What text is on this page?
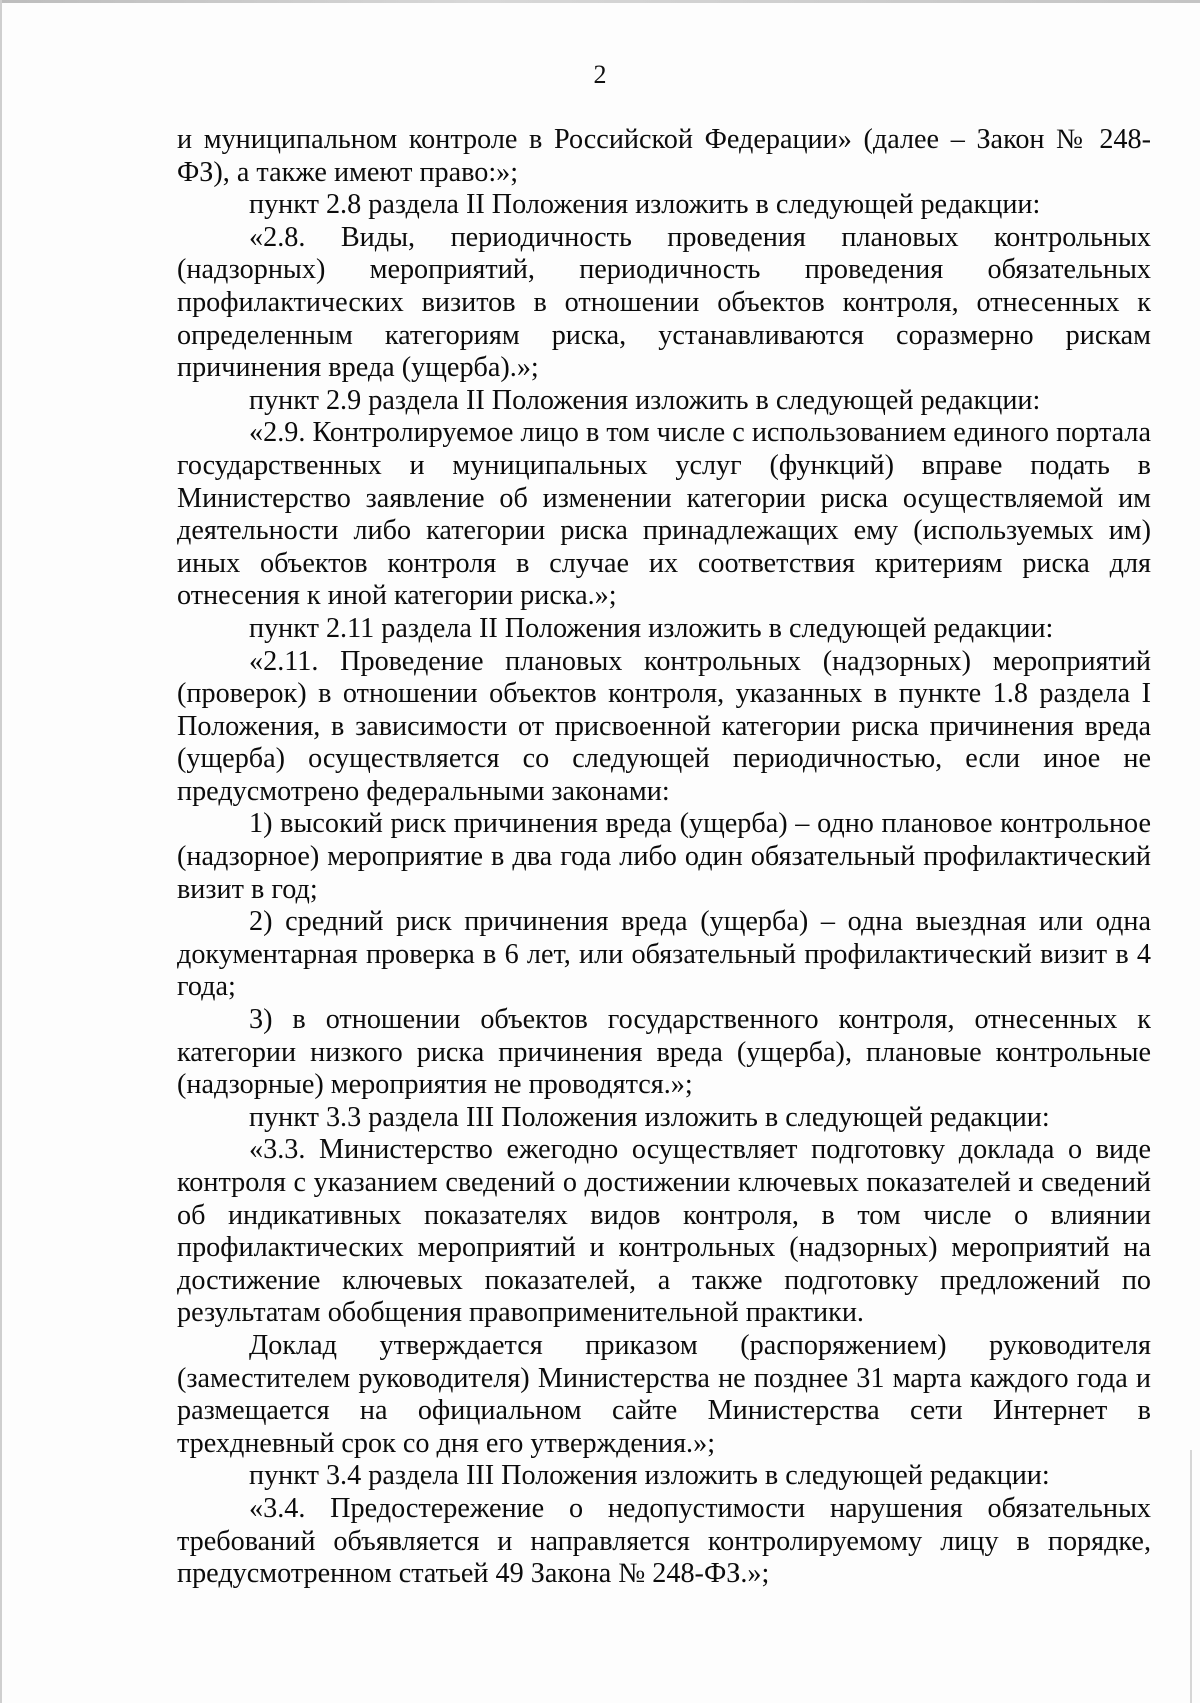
2

и муниципальном контроле в Российской Федерации» (далее – Закон № 248-ФЗ), а также имеют право:»;

пункт 2.8 раздела II Положения изложить в следующей редакции:

«2.8. Виды, периодичность проведения плановых контрольных (надзорных) мероприятий, периодичность проведения обязательных профилактических визитов в отношении объектов контроля, отнесенных к определенным категориям риска, устанавливаются соразмерно рискам причинения вреда (ущерба).»;

пункт 2.9 раздела II Положения изложить в следующей редакции:

«2.9. Контролируемое лицо в том числе с использованием единого портала государственных и муниципальных услуг (функций) вправе подать в Министерство заявление об изменении категории риска осуществляемой им деятельности либо категории риска принадлежащих ему (используемых им) иных объектов контроля в случае их соответствия критериям риска для отнесения к иной категории риска.»;

пункт 2.11 раздела II Положения изложить в следующей редакции:

«2.11. Проведение плановых контрольных (надзорных) мероприятий (проверок) в отношении объектов контроля, указанных в пункте 1.8 раздела I Положения, в зависимости от присвоенной категории риска причинения вреда (ущерба) осуществляется со следующей периодичностью, если иное не предусмотрено федеральными законами:

1) высокий риск причинения вреда (ущерба) – одно плановое контрольное (надзорное) мероприятие в два года либо один обязательный профилактический визит в год;

2) средний риск причинения вреда (ущерба) – одна выездная или одна документарная проверка в 6 лет, или обязательный профилактический визит в 4 года;

3) в отношении объектов государственного контроля, отнесенных к категории низкого риска причинения вреда (ущерба), плановые контрольные (надзорные) мероприятия не проводятся.»;

пункт 3.3 раздела III Положения изложить в следующей редакции:

«3.3. Министерство ежегодно осуществляет подготовку доклада о виде контроля с указанием сведений о достижении ключевых показателей и сведений об индикативных показателях видов контроля, в том числе о влиянии профилактических мероприятий и контрольных (надзорных) мероприятий на достижение ключевых показателей, а также подготовку предложений по результатам обобщения правоприменительной практики.

Доклад утверждается приказом (распоряжением) руководителя (заместителем руководителя) Министерства не позднее 31 марта каждого года и размещается на официальном сайте Министерства сети Интернет в трехдневный срок со дня его утверждения.»;

пункт 3.4 раздела III Положения изложить в следующей редакции:

«3.4. Предостережение о недопустимости нарушения обязательных требований объявляется и направляется контролируемому лицу в порядке, предусмотренном статьей 49 Закона № 248-ФЗ.»;
